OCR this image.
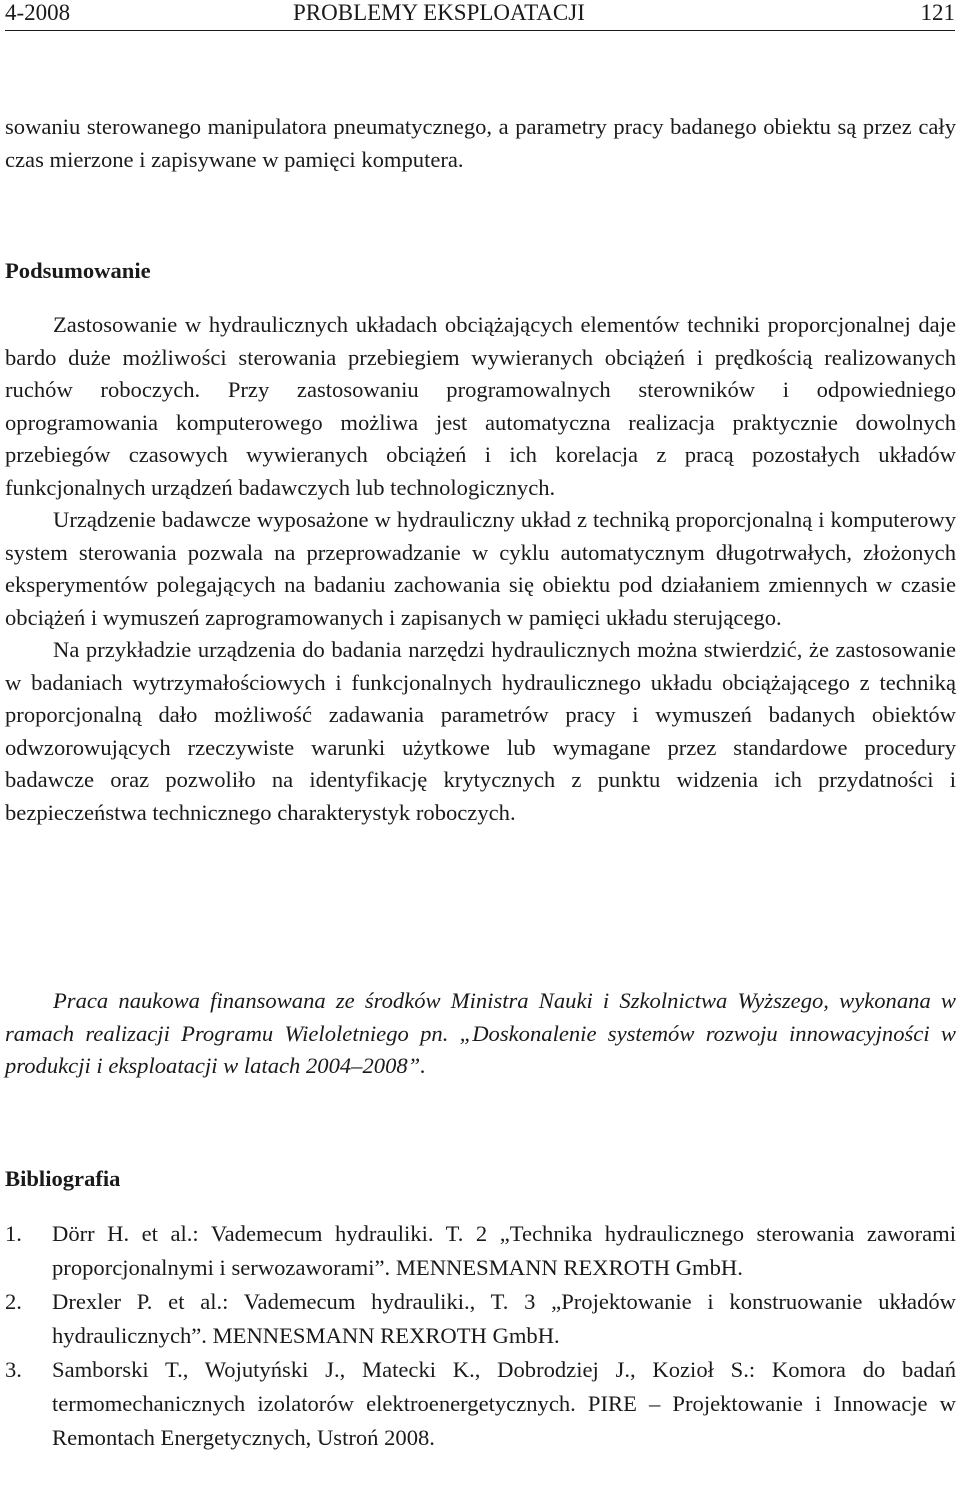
4-2008	PROBLEMY EKSPLOATACJI	121

sowaniu sterowanego manipulatora pneumatycznego, a parametry pracy badanego obiektu są przez cały czas mierzone i zapisywane w pamięci komputera.

Podsumowanie

Zastosowanie w hydraulicznych układach obciążających elementów techniki proporcjonalnej daje bardo duże możliwości sterowania przebiegiem wywieranych obciążeń i prędkością realizowanych ruchów roboczych. Przy zastosowaniu programowalnych sterowników i odpowiedniego oprogramowania komputerowego możliwa jest automatyczna realizacja praktycznie dowolnych przebiegów czasowych wywieranych obciążeń i ich korelacja z pracą pozostałych układów funkcjonalnych urządzeń badawczych lub technologicznych.

Urządzenie badawcze wyposażone w hydrauliczny układ z techniką proporcjonalną i komputerowy system sterowania pozwala na przeprowadzanie w cyklu automatycznym długotrwałych, złożonych eksperymentów polegających na badaniu zachowania się obiektu pod działaniem zmiennych w czasie obciążeń i wymuszeń zaprogramowanych i zapisanych w pamięci układu sterującego.

Na przykładzie urządzenia do badania narzędzi hydraulicznych można stwierdzić, że zastosowanie w badaniach wytrzymałościowych i funkcjonalnych hydraulicznego układu obciążającego z techniką proporcjonalną dało możliwość zadawania parametrów pracy i wymuszeń badanych obiektów odwzorowujących rzeczywiste warunki użytkowe lub wymagane przez standardowe procedury badawcze oraz pozwoliło na identyfikację krytycznych z punktu widzenia ich przydatności i bezpieczeństwa technicznego charakterystyk roboczych.

Praca naukowa finansowana ze środków Ministra Nauki i Szkolnictwa Wyższego, wykonana w ramach realizacji Programu Wieloletniego pn. „Doskonalenie systemów rozwoju innowacyjności w produkcji i eksploatacji w latach 2004–2008”.

Bibliografia
1. Dörr H. et al.: Vademecum hydrauliki. T. 2 „Technika hydraulicznego sterowania zaworami proporcjonalnymi i serwozaworami”. MENNESMANN REXROTH GmbH.
2. Drexler P. et al.: Vademecum hydrauliki., T. 3 „Projektowanie i konstruowanie układów hydraulicznych”. MENNESMANN REXROTH GmbH.
3. Samborski T., Wojutyński J., Matecki K., Dobrodziej J., Kozioł S.: Komora do badań termomechanicznych izolatorów elektroenergetycznych. PIRE – Projektowanie i Innowacje w Remontach Energetycznych, Ustroń 2008.
